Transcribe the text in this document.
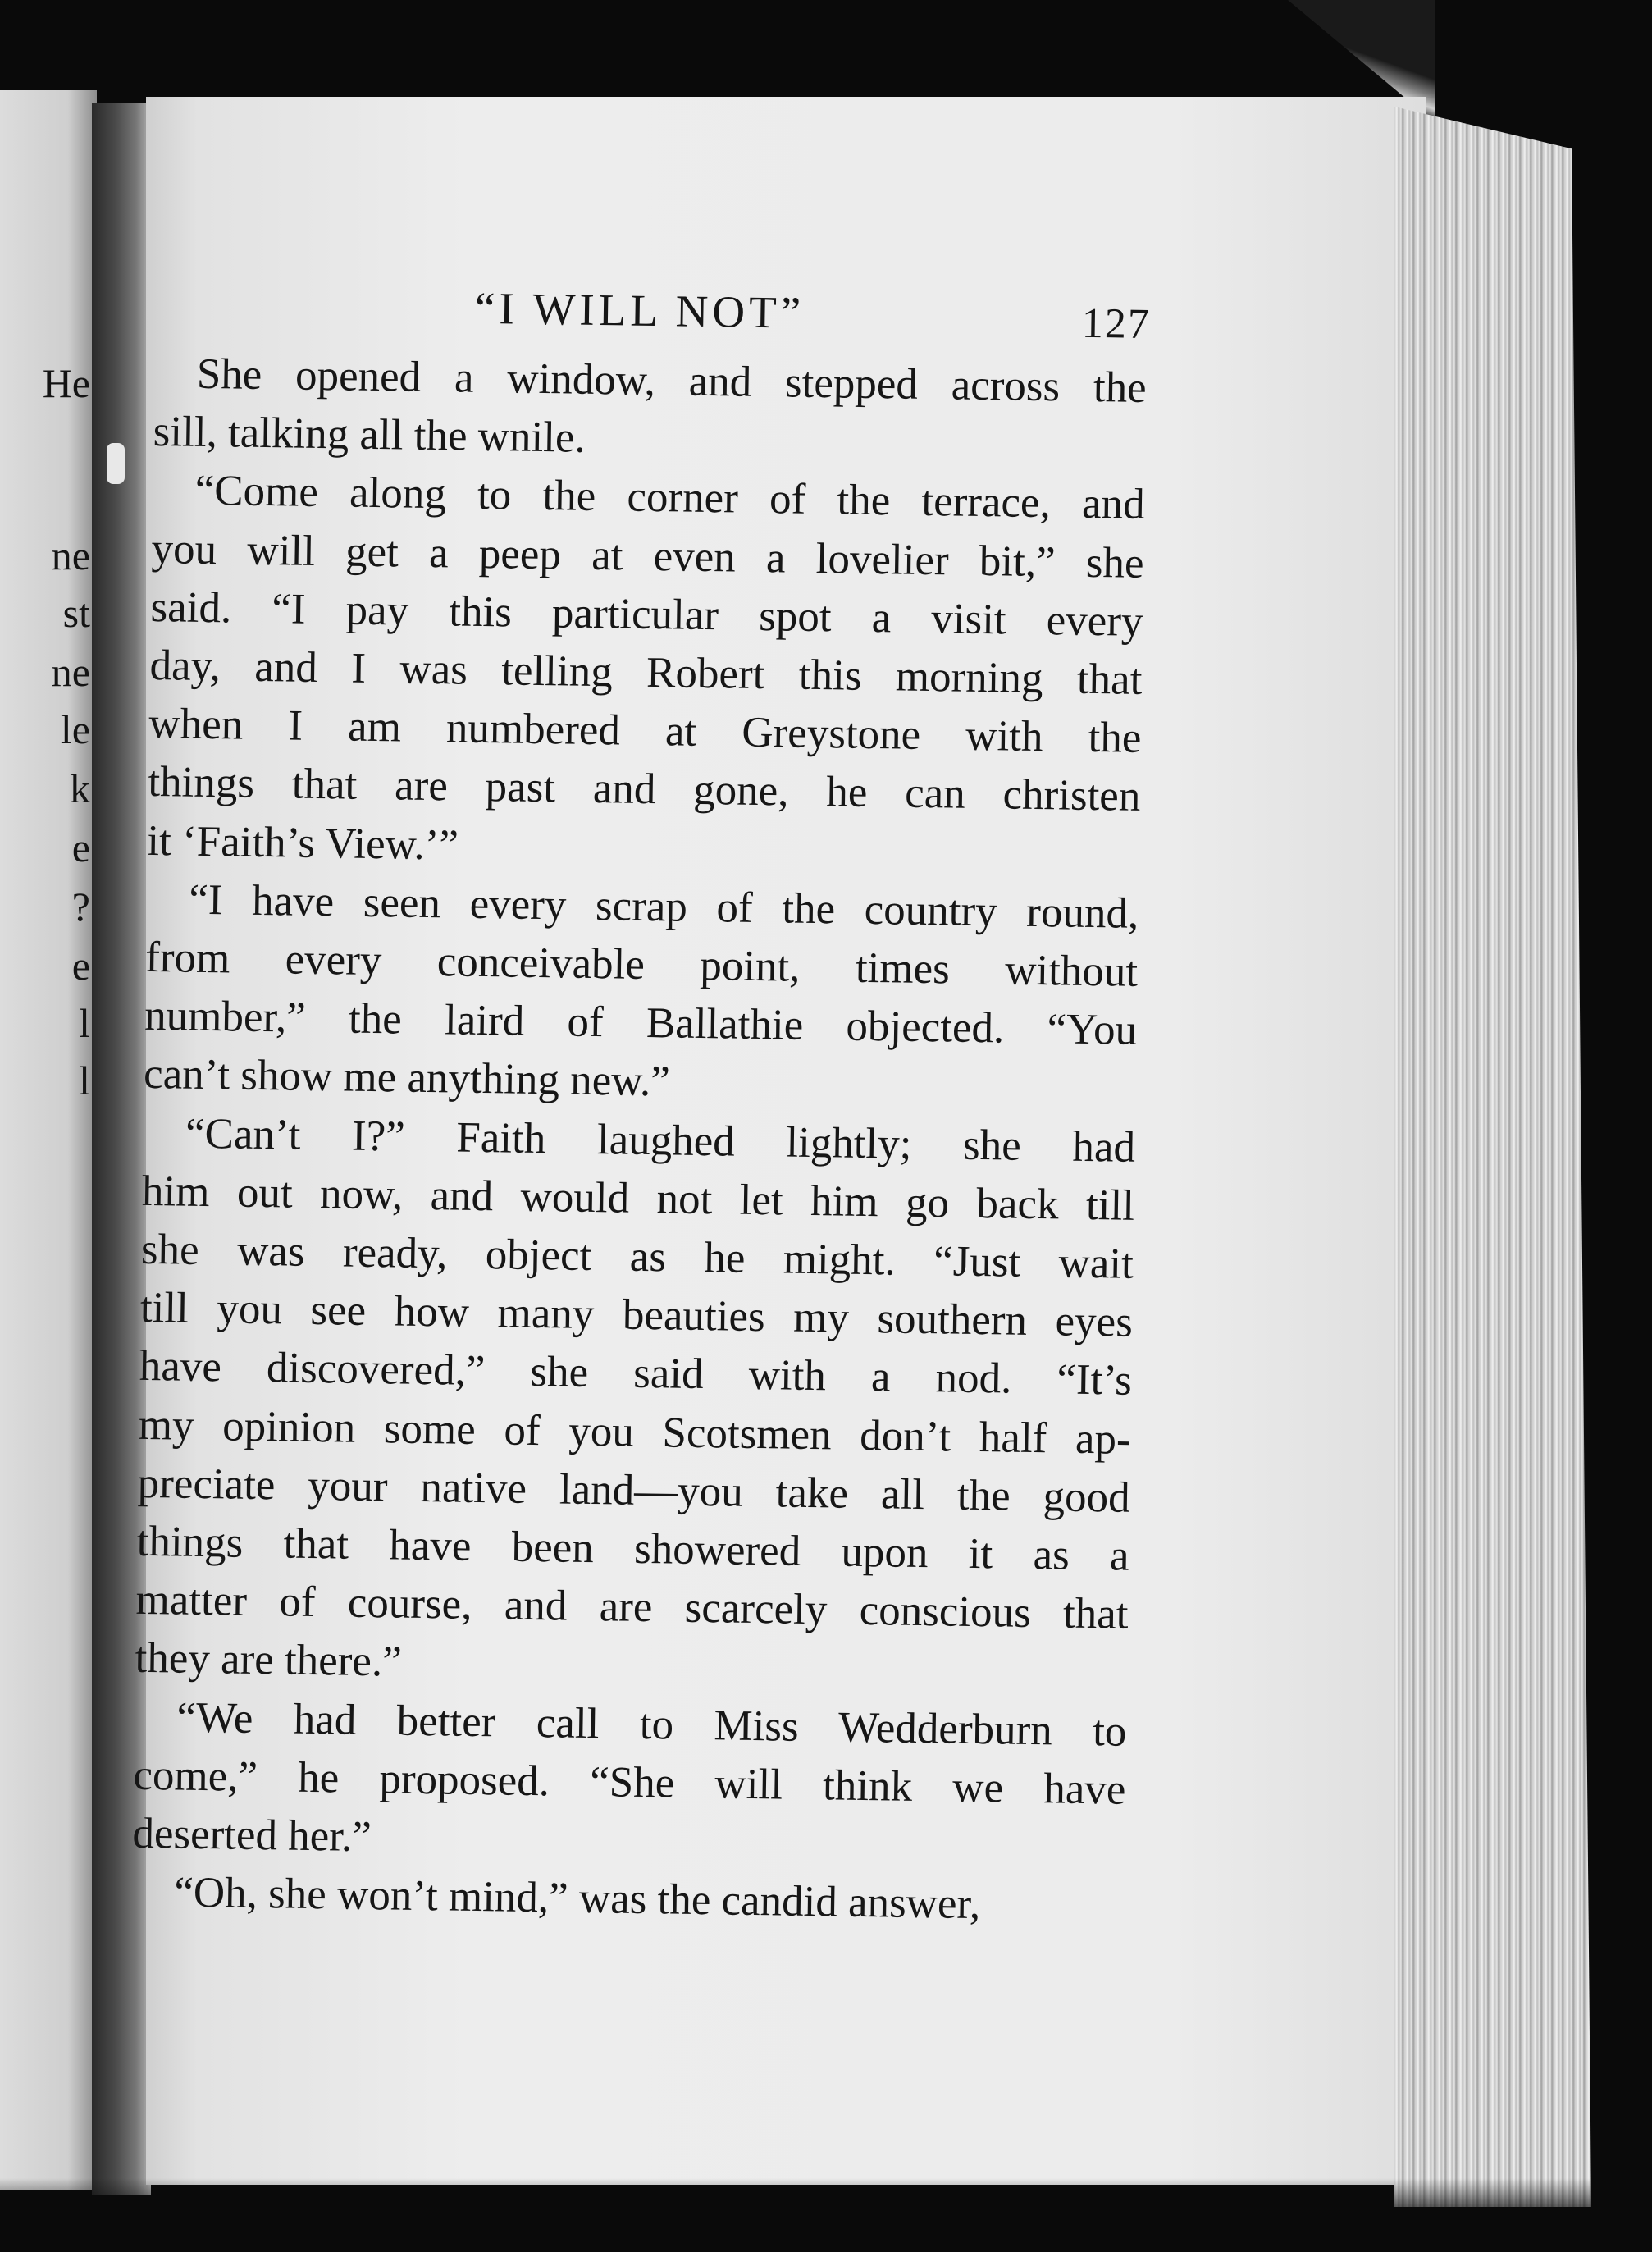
He
ne
st
ne
le
k
e
?
e
l
l
“I WILL NOT”	127

She opened a window, and stepped across the
sill, talking all the wnile.

“Come along to the corner of the terrace, and
you will get a peep at even a lovelier bit,” she
said. “I pay this particular spot a visit every
day, and I was telling Robert this morning that
when I am numbered at Greystone with the
things that are past and gone, he can christen
it ‘Faith’s View.’”

“I have seen every scrap of the country round,
from every conceivable point, times without
number,” the laird of Ballathie objected. “You
can’t show me anything new.”

“Can’t I?” Faith laughed lightly; she had
him out now, and would not let him go back till
she was ready, object as he might. “Just wait
till you see how many beauties my southern eyes
have discovered,” she said with a nod. “It’s
my opinion some of you Scotsmen don’t half ap-
preciate your native land—you take all the good
things that have been showered upon it as a
matter of course, and are scarcely conscious that
they are there.”

“We had better call to Miss Wedderburn to
come,” he proposed. “She will think we have
deserted her.”

“Oh, she won’t mind,” was the candid answer,
